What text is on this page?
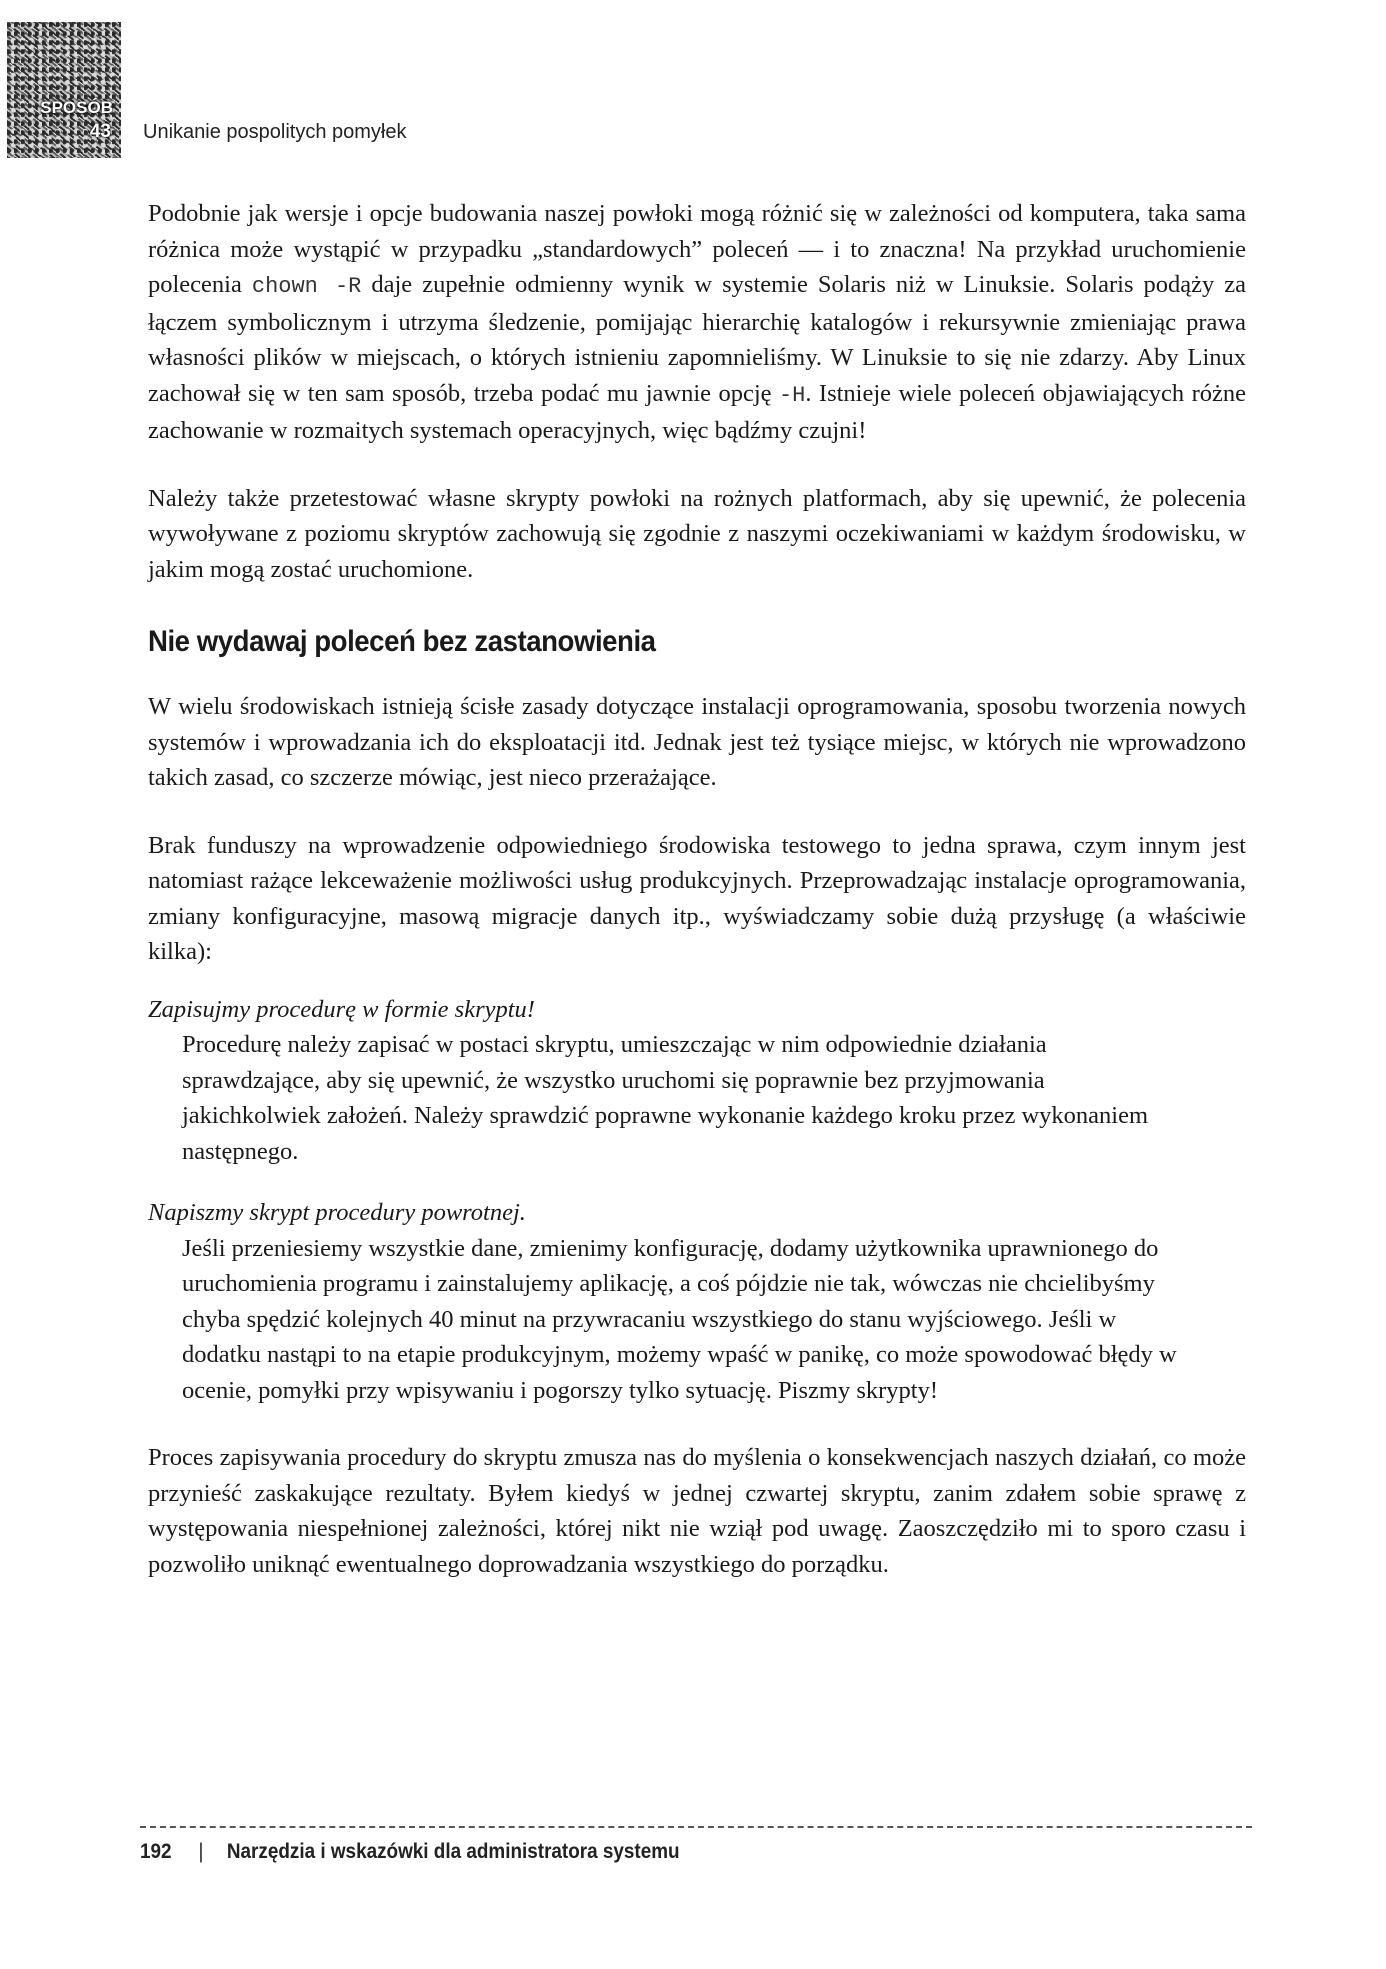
SPOSÓB
43 Unikanie pospolitych pomyłek

Podobnie jak wersje i opcje budowania naszej powłoki mogą różnić się w zależności od komputera, taka sama różnica może wystąpić w przypadku „standardowych” poleceń — i to znaczna! Na przykład uruchomienie polecenia chown -R daje zupełnie odmienny wynik w systemie Solaris niż w Linuksie. Solaris podąży za łączem symbolicznym i utrzyma śledzenie, pomijając hierarchię katalogów i rekursywnie zmieniając prawa własności plików w miejscach, o których istnieniu zapomnieliśmy. W Linuksie to się nie zdarzy. Aby Linux zachował się w ten sam sposób, trzeba podać mu jawnie opcję -H. Istnieje wiele poleceń objawiających różne zachowanie w rozmaitych systemach operacyjnych, więc bądźmy czujni!

Należy także przetestować własne skrypty powłoki na rożnych platformach, aby się upewnić, że polecenia wywoływane z poziomu skryptów zachowują się zgodnie z naszymi oczekiwaniami w każdym środowisku, w jakim mogą zostać uruchomione.

Nie wydawaj poleceń bez zastanowienia

W wielu środowiskach istnieją ścisłe zasady dotyczące instalacji oprogramowania, sposobu tworzenia nowych systemów i wprowadzania ich do eksploatacji itd. Jednak jest też tysiące miejsc, w których nie wprowadzono takich zasad, co szczerze mówiąc, jest nieco przerażające.

Brak funduszy na wprowadzenie odpowiedniego środowiska testowego to jedna sprawa, czym innym jest natomiast rażące lekceważenie możliwości usług produkcyjnych. Przeprowadzając instalacje oprogramowania, zmiany konfiguracyjne, masową migracje danych itp., wyświadczamy sobie dużą przysługę (a właściwie kilka):

Zapisujmy procedurę w formie skryptu!

Procedurę należy zapisać w postaci skryptu, umieszczając w nim odpowiednie działania sprawdzające, aby się upewnić, że wszystko uruchomi się poprawnie bez przyjmowania jakichkolwiek założeń. Należy sprawdzić poprawne wykonanie każdego kroku przez wykonaniem następnego.

Napiszmy skrypt procedury powrotnej.

Jeśli przeniesiemy wszystkie dane, zmienimy konfigurację, dodamy użytkownika uprawnionego do uruchomienia programu i zainstalujemy aplikację, a coś pójdzie nie tak, wówczas nie chcielibyśmy chyba spędzić kolejnych 40 minut na przywracaniu wszystkiego do stanu wyjściowego. Jeśli w dodatku nastąpi to na etapie produkcyjnym, możemy wpaść w panikę, co może spowodować błędy w ocenie, pomyłki przy wpisywaniu i pogorszy tylko sytuację. Piszmy skrypty!

Proces zapisywania procedury do skryptu zmusza nas do myślenia o konsekwencjach naszych działań, co może przynieść zaskakujące rezultaty. Byłem kiedyś w jednej czwartej skryptu, zanim zdałem sobie sprawę z występowania niespełnionej zależności, której nikt nie wziął pod uwagę. Zaoszczędziło mi to sporo czasu i pozwoliło uniknąć ewentualnego doprowadzania wszystkiego do porządku.

192 | Narzędzia i wskazówki dla administratora systemu
